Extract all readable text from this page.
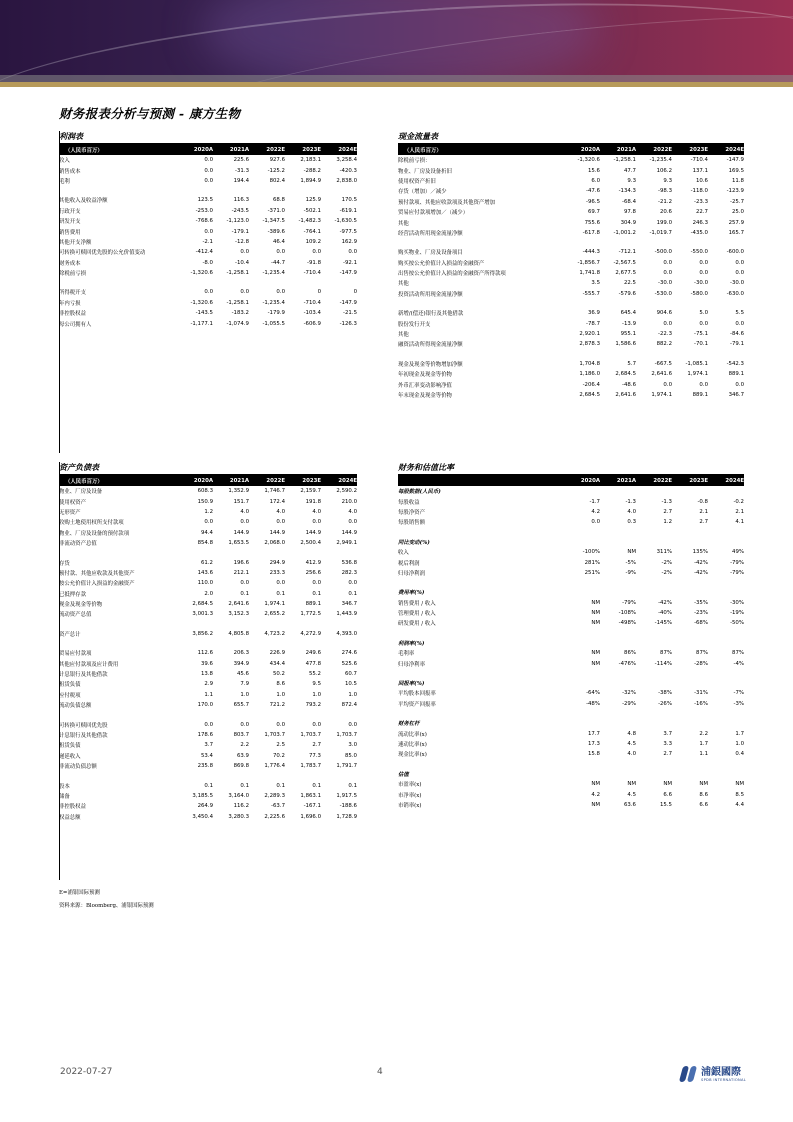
财务报表分析与预测 - 康方生物
利润表
（人民币百万）	2020A	2021A	2022E	2023E	2024E
收入	0.0	225.6	927.6	2,183.1	3,258.4
销售成本	0.0	-31.3	-125.2	-288.2	-420.3
毛利	0.0	194.4	802.4	1,894.9	2,838.0

其他收入及收益净额	123.5	116.3	68.8	125.9	170.5
行政开支	-253.0	-243.5	-371.0	-502.1	-619.1
研发开支	-768.6	-1,123.0	-1,347.5	-1,482.3	-1,630.5
销售费用	0.0	-179.1	-389.6	-764.1	-977.5
其他开支净额	-2.1	-12.8	46.4	109.2	162.9
可转换可赎回优先股的公允价值变动	-412.4	0.0	0.0	0.0	0.0
财务成本	-8.0	-10.4	-44.7	-91.8	-92.1
除税前亏损	-1,320.6	-1,258.1	-1,235.4	-710.4	-147.9

所得税开支	0.0	0.0	0.0	0	0
年内亏损	-1,320.6	-1,258.1	-1,235.4	-710.4	-147.9
非控股权益	-143.5	-183.2	-179.9	-103.4	-21.5
母公司拥有人	-1,177.1	-1,074.9	-1,055.5	-606.9	-126.3
现金流量表
（人民币百万）	2020A	2021A	2022E	2023E	2024E
除税前亏损：	-1,320.6	-1,258.1	-1,235.4	-710.4	-147.9
物业、厂房及设备折旧	15.6	47.7	106.2	137.1	169.5
使用权资产折旧	6.0	9.3	9.3	10.6	11.8
存货（增加）／减少	-47.6	-134.3	-98.3	-118.0	-123.9
预付款项、其他应收款项及其他资产增加	-96.5	-68.4	-21.2	-23.3	-25.7
贸易应付款项增加／（减少）	69.7	97.8	20.6	22.7	25.0
其他	755.6	304.9	199.0	246.3	257.9
经营活动所用现金流量净额	-617.8	-1,001.2	-1,019.7	-435.0	165.7

购买物业、厂房及设备项目	-444.3	-712.1	-500.0	-550.0	-600.0
购买按公允价值计入损益的金融资产	-1,856.7	-2,567.5	0.0	0.0	0.0
出售按公允价值计入损益的金融资产所得款项	1,741.8	2,677.5	0.0	0.0	0.0
其他	3.5	22.5	-30.0	-30.0	-30.0
投资活动所用现金流量净额	-555.7	-579.6	-530.0	-580.0	-630.0

新增/(偿还)银行及其他借款	36.9	645.4	904.6	5.0	5.5
股份发行开支	-78.7	-13.9	0.0	0.0	0.0
其他	2,920.1	955.1	-22.3	-75.1	-84.6
融资活动所得现金流量净额	2,878.3	1,586.6	882.2	-70.1	-79.1

现金及现金等价物增加净额	1,704.8	5.7	-667.5	-1,085.1	-542.3
年初现金及现金等价物	1,186.0	2,684.5	2,641.6	1,974.1	889.1
外币汇率变动影响净值	-206.4	-48.6	0.0	0.0	0.0
年末现金及现金等价物	2,684.5	2,641.6	1,974.1	889.1	346.7
资产负债表
（人民币百万）	2020A	2021A	2022E	2023E	2024E
物业、厂房及设备	608.3	1,352.9	1,746.7	2,159.7	2,590.2
使用权资产	150.9	151.7	172.4	191.8	210.0
无形资产	1.2	4.0	4.0	4.0	4.0
收购土地使用权所支付款项	0.0	0.0	0.0	0.0	0.0
物业、厂房及设备的预付款项	94.4	144.9	144.9	144.9	144.9
非流动资产总值	854.8	1,653.5	2,068.0	2,500.4	2,949.1

存货	61.2	196.6	294.9	412.9	536.8
预付款、其他应收款及其他资产	143.6	212.1	233.3	256.6	282.3
按公允价值计入损益的金融资产	110.0	0.0	0.0	0.0	0.0
已抵押存款	2.0	0.1	0.1	0.1	0.1
现金及现金等价物	2,684.5	2,641.6	1,974.1	889.1	346.7
流动资产总值	3,001.3	3,152.3	2,655.2	1,772.5	1,443.9

资产总计	3,856.2	4,805.8	4,723.2	4,272.9	4,393.0

贸易应付款项	112.6	206.3	226.9	249.6	274.6
其他应付款项及应计费用	39.6	394.9	434.4	477.8	525.6
计息银行及其他借款	13.8	45.6	50.2	55.2	60.7
租赁负债	2.9	7.9	8.6	9.5	10.5
应付税项	1.1	1.0	1.0	1.0	1.0
流动负债总额	170.0	655.7	721.2	793.2	872.4

可转换可赎回优先股	0.0	0.0	0.0	0.0	0.0
计息银行及其他借款	178.6	803.7	1,703.7	1,703.7	1,703.7
租赁负债	3.7	2.2	2.5	2.7	3.0
递延收入	53.4	63.9	70.2	77.3	85.0
非流动负债总额	235.8	869.8	1,776.4	1,783.7	1,791.7

股本	0.1	0.1	0.1	0.1	0.1
储备	3,185.5	3,164.0	2,289.3	1,863.1	1,917.5
非控股权益	264.9	116.2	-63.7	-167.1	-188.6
权益总额	3,450.4	3,280.3	2,225.6	1,696.0	1,728.9
财务和估值比率
	2020A	2021A	2022E	2023E	2024E
每股数据(人民币)					
每股收益	-1.7	-1.3	-1.3	-0.8	-0.2
每股净资产	4.2	4.0	2.7	2.1	2.1
每股销售额	0.0	0.3	1.2	2.7	4.1

同比变动(%)					
收入	-100%	NM	311%	135%	49%
税后利润	281%	-5%	-2%	-42%	-79%
归母净利润	251%	-9%	-2%	-42%	-79%

费用率(%)					
销售费用 / 收入	NM	-79%	-42%	-35%	-30%
管理费用 / 收入	NM	-108%	-40%	-23%	-19%
研发费用 / 收入	NM	-498%	-145%	-68%	-50%

利润率(%)					
毛利率	NM	86%	87%	87%	87%
归母净利率	NM	-476%	-114%	-28%	-4%

回报率(%)					
平均股本回报率	-64%	-32%	-38%	-31%	-7%
平均资产回报率	-48%	-29%	-26%	-16%	-3%

财务杠杆					
流动比率(x)	17.7	4.8	3.7	2.2	1.7
速动比率(x)	17.3	4.5	3.3	1.7	1.0
现金比率(x)	15.8	4.0	2.7	1.1	0.4

估值					
市盈率(x)	NM	NM	NM	NM	NM
市净率(x)	4.2	4.5	6.6	8.6	8.5
市销率(x)	NM	63.6	15.5	6.6	4.4
E=浦银国际预测
资料来源：Bloomberg、浦银国际预测
2022-07-27	4	浦銀國際
SPDB INTERNATIONAL
